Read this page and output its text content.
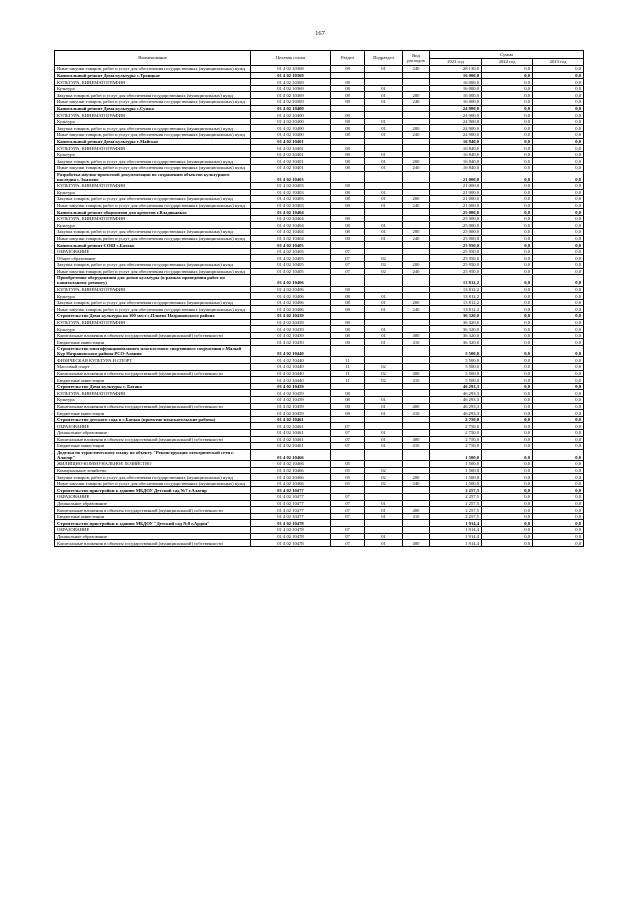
167
Наименование	Целевая статья	Раздел	Подраздел	Вид расходов	Сумма		
					2021 год	2022 год	2023 год
Иные закупки товаров, работ и услуг для обеспечения государственных (муниципальных) нужд	01 4 02 10368	08	01	240	28 130,0	0,0	0,0
Капитальный ремонт Дома культуры с.Троицкое	01 4 02 10369				16 000,0	0,0	0,0
КУЛЬТУРА, КИНЕМАТОГРАФИЯ	01 4 02 10369	08			16 000,0	0,0	0,0
Культура	01 4 02 10369	08	01		16 000,0	0,0	0,0
Закупка товаров, работ и услуг для обеспечения государственных (муниципальных) нужд	01 4 02 10369	08	01	200	16 000,0	0,0	0,0
Иные закупки товаров, работ и услуг для обеспечения государственных (муниципальных) нужд	01 4 02 10369	08	01	240	16 000,0	0,0	0,0
Капитальный ремонт Дома культуры с.Сунжа	01 4 02 10400				24 900,0	0,0	0,0
КУЛЬТУРА, КИНЕМАТОГРАФИЯ	01 4 02 10400	08			24 900,0	0,0	0,0
Культура	01 4 02 10400	08	01		24 900,0	0,0	0,0
Закупка товаров, работ и услуг для обеспечения государственных (муниципальных) нужд	01 4 02 10400	08	01	200	24 900,0	0,0	0,0
Иные закупки товаров, работ и услуг для обеспечения государственных (муниципальных) нужд	01 4 02 10400	08	01	240	24 900,0	0,0	0,0
Капитальный ремонт Дома культуры с.Майское	01 4 02 10401				16 840,0	0,0	0,0
КУЛЬТУРА, КИНЕМАТОГРАФИЯ	01 4 02 10401	08			16 840,0	0,0	0,0
Культура	01 4 02 10401	08	01		16 840,0	0,0	0,0
Закупка товаров, работ и услуг для обеспечения государственных (муниципальных) нужд	01 4 02 10401	08	01	200	16 840,0	0,0	0,0
Иные закупки товаров, работ и услуг для обеспечения государственных (муниципальных) нужд	01 4 02 10401	08	01	240	16 840,0	0,0	0,0
Разработка научно-проектной документации по сохранению объектов культурного наследия с.Экажево	01 4 02 10403				21 000,0	0,0	0,0
КУЛЬТУРА, КИНЕМАТОГРАФИЯ	01 4 02 10403	08			21 000,0	0,0	0,0
Культура	01 4 02 10403	08	01		21 000,0	0,0	0,0
Закупка товаров, работ и услуг для обеспечения государственных (муниципальных) нужд	01 4 02 10403	08	01	200	21 000,0	0,0	0,0
Иные закупки товаров, работ и услуг для обеспечения государственных (муниципальных) нужд	01 4 02 10403	08	01	240	21 000,0	0,0	0,0
Капитальный ремонт общежития для артистов г.Владикавказ	01 4 02 10404				25 000,0	0,0	0,0
КУЛЬТУРА, КИНЕМАТОГРАФИЯ	01 4 02 10404	08			25 000,0	0,0	0,0
Культура	01 4 02 10404	08	01		25 000,0	0,0	0,0
Закупка товаров, работ и услуг для обеспечения государственных (муниципальных) нужд	01 4 02 10404	08	01	200	25 000,0	0,0	0,0
Иные закупки товаров, работ и услуг для обеспечения государственных (муниципальных) нужд	01 4 02 10404	08	01	240	25 000,0	0,0	0,0
Капитальный ремонт СОШ с.Батако	01 4 02 10405				25 950,0	0,0	0,0
ОБРАЗОВАНИЕ	01 4 02 10405	07			25 950,0	0,0	0,0
Общее образование	01 4 02 10405	07	02		25 950,0	0,0	0,0
Закупка товаров, работ и услуг для обеспечения государственных (муниципальных) нужд	01 4 02 10405	07	02	200	25 950,0	0,0	0,0
Иные закупки товаров, работ и услуг для обеспечения государственных (муниципальных) нужд	01 4 02 10405	07	02	240	25 950,0	0,0	0,0
Приобретение оборудования для домов культуры (в рамках проведения работ по капитальному ремонту)	01 4 02 10406				13 812,2	0,0	0,0
КУЛЬТУРА, КИНЕМАТОГРАФИЯ	01 4 02 10406	08			13 812,2	0,0	0,0
Культура	01 4 02 10406	08	01		13 812,2	0,0	0,0
Закупка товаров, работ и услуг для обеспечения государственных (муниципальных) нужд	01 4 02 10406	08	01	200	13 812,2	0,0	0,0
Иные закупки товаров, работ и услуг для обеспечения государственных (муниципальных) нужд	01 4 02 10406	08	01	240	13 812,2	0,0	0,0
Строительство Дома культуры на 300 мест с.Плиево Назрановского района	01 4 02 10439				36 320,0	0,0	0,0
КУЛЬТУРА, КИНЕМАТОГРАФИЯ	01 4 02 10439	08			36 320,0	0,0	0,0
Культура	01 4 02 10439	08	01		36 320,0	0,0	0,0
Капитальные вложения в объекты государственной (муниципальной) собственности	01 4 02 10439	08	01	400	36 320,0	0,0	0,0
Бюджетные инвестиции	01 4 02 10439	08	01	410	36 320,0	0,0	0,0
Строительство многофункционального плоскостного спортивного сооружения с.Малый Кур Назрановского района РСО-Алания	01 4 02 10440				5 500,0	0,0	0,0
ФИЗИЧЕСКАЯ КУЛЬТУРА И СПОРТ	01 4 02 10440	11			5 500,0	0,0	0,0
Массовый спорт	01 4 02 10440	11	02		5 500,0	0,0	0,0
Капитальные вложения в объекты государственной (муниципальной) собственности	01 4 02 10440	11	02	400	5 500,0	0,0	0,0
Бюджетные инвестиции	01 4 02 10440	11	02	410	5 500,0	0,0	0,0
Строительство Дома культуры с. Батако	01 4 02 10459				46 293,3	0,0	0,0
КУЛЬТУРА, КИНЕМАТОГРАФИЯ	01 4 02 10459	08			46 293,3	0,0	0,0
Культура	01 4 02 10459	08	01		46 293,3	0,0	0,0
Капитальные вложения в объекты государственной (муниципальной) собственности	01 4 02 10459	08	01	400	46 293,3	0,0	0,0
Бюджетные инвестиции	01 4 02 10459	08	01	410	46 293,3	0,0	0,0
Строительство детского сада в с.Батако (проектно-изыскательские работы)	01 4 02 10461				2 750,0	0,0	0,0
ОБРАЗОВАНИЕ	01 4 02 10461	07			2 750,0	0,0	0,0
Дошкольное образование	01 4 02 10461	07	01		2 750,0	0,0	0,0
Капитальные вложения в объекты государственной (муниципальной) собственности	01 4 02 10461	07	01	400	2 750,0	0,0	0,0
Бюджетные инвестиции	01 4 02 10461	07	01	410	2 750,0	0,0	0,0
Доделка по туристическому плану по объекту "Реконструкция электрической сети г. Алагир"	01 4 02 10466				1 500,0	0,0	0,0
ЖИЛИЩНО-КОММУНАЛЬНОЕ ХОЗЯЙСТВО	01 4 02 10466	05			1 500,0	0,0	0,0
Коммунальное хозяйство	01 4 02 10466	05	02		1 500,0	0,0	0,0
Закупка товаров, работ и услуг для обеспечения государственных (муниципальных) нужд	01 4 02 10466	05	02	200	1 500,0	0,0	0,0
Иные закупки товаров, работ и услуг для обеспечения государственных (муниципальных) нужд	01 4 02 10466	05	02	240	1 500,0	0,0	0,0
Строительство пристройки к зданию МБДОУ Детский сад №7 г.Алагир	01 4 02 10477				2 257,5	0,0	0,0
ОБРАЗОВАНИЕ	01 4 02 10477	07			2 257,5	0,0	0,0
Дошкольное образование	01 4 02 10477	07	01		2 257,5	0,0	0,0
Капитальные вложения в объекты государственной (муниципальной) собственности	01 4 02 10477	07	01	400	2 257,5	0,0	0,0
Бюджетные инвестиции	01 4 02 10477	07	01	410	2 257,5	0,0	0,0
Строительство пристройки к зданию МБДОУ "Детский сад №8 г.Ардон"	01 4 02 10478				1 914,4	0,0	0,0
ОБРАЗОВАНИЕ	01 4 02 10478	07			1 914,4	0,0	0,0
Дошкольное образование	01 4 02 10478	07	01		1 914,4	0,0	0,0
Капитальные вложения в объекты государственной (муниципальной) собственности	01 4 02 10478	07	01	400	1 914,4	0,0	0,0
